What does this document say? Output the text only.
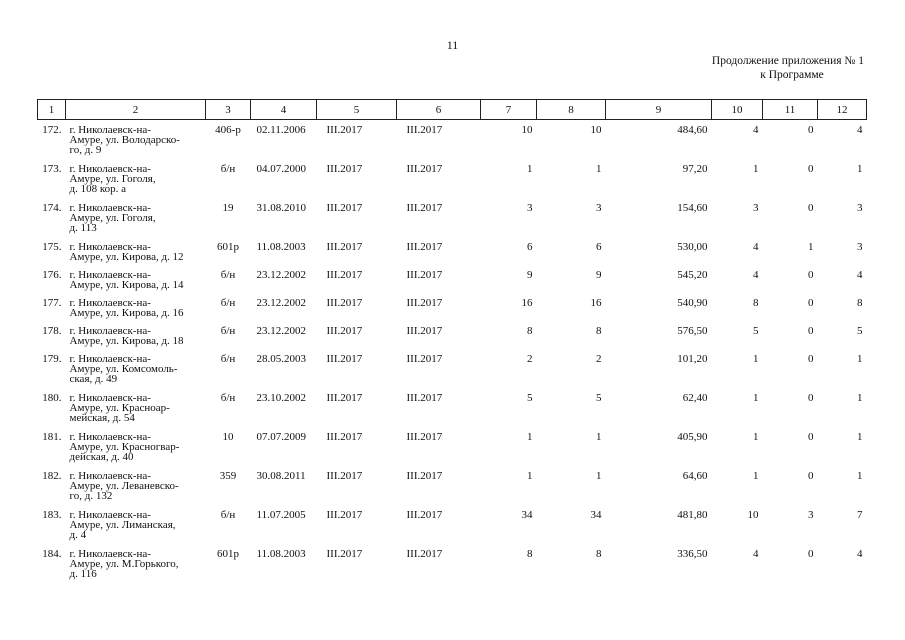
11
Продолжение приложения № 1
к Программе
1	2	3	4	5	6	7	8	9	10	11	12
172.	г. Николаевск-на-
Амуре, ул. Володарско-
го, д. 9	406-р	02.11.2006	III.2017	III.2017	10	10	484,60	4	0	4
173.	г. Николаевск-на-
Амуре, ул. Гоголя,
д. 108 кор. а	б/н	04.07.2000	III.2017	III.2017	1	1	97,20	1	0	1
174.	г. Николаевск-на-
Амуре, ул. Гоголя,
д. 113	19	31.08.2010	III.2017	III.2017	3	3	154,60	3	0	3
175.	г. Николаевск-на-
Амуре, ул. Кирова, д. 12	601р	11.08.2003	III.2017	III.2017	6	6	530,00	4	1	3
176.	г. Николаевск-на-
Амуре, ул. Кирова, д. 14	б/н	23.12.2002	III.2017	III.2017	9	9	545,20	4	0	4
177.	г. Николаевск-на-
Амуре, ул. Кирова, д. 16	б/н	23.12.2002	III.2017	III.2017	16	16	540,90	8	0	8
178.	г. Николаевск-на-
Амуре, ул. Кирова, д. 18	б/н	23.12.2002	III.2017	III.2017	8	8	576,50	5	0	5
179.	г. Николаевск-на-
Амуре, ул. Комсомоль-
ская, д. 49	б/н	28.05.2003	III.2017	III.2017	2	2	101,20	1	0	1
180.	г. Николаевск-на-
Амуре, ул. Красноар-
мейская, д. 54	б/н	23.10.2002	III.2017	III.2017	5	5	62,40	1	0	1
181.	г. Николаевск-на-
Амуре, ул. Красногвар-
дейская, д. 40	10	07.07.2009	III.2017	III.2017	1	1	405,90	1	0	1
182.	г. Николаевск-на-
Амуре, ул. Леваневско-
го, д. 132	359	30.08.2011	III.2017	III.2017	1	1	64,60	1	0	1
183.	г. Николаевск-на-
Амуре, ул. Лиманская,
д. 4	б/н	11.07.2005	III.2017	III.2017	34	34	481,80	10	3	7
184.	г. Николаевск-на-
Амуре, ул. М.Горького,
д. 116	601р	11.08.2003	III.2017	III.2017	8	8	336,50	4	0	4
